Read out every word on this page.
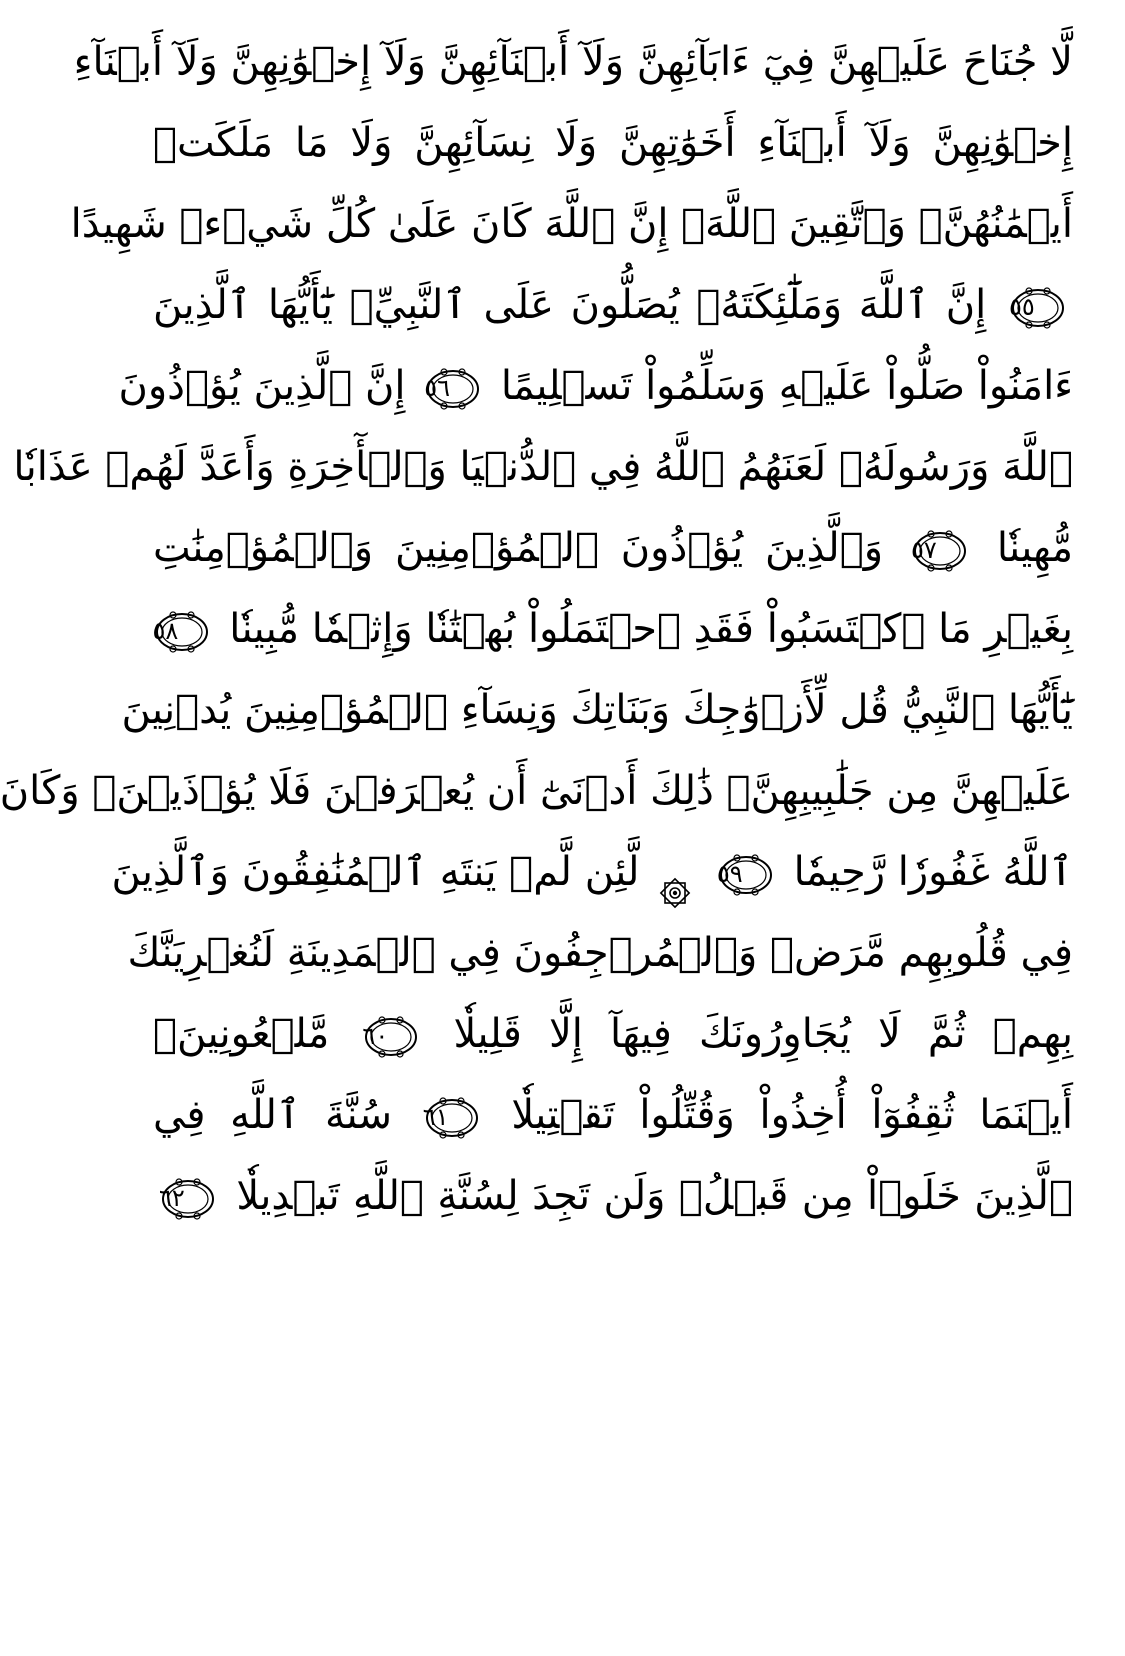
لَّا جُنَاحَ عَلَيۡهِنَّ فِيٓ ءَابَآئِهِنَّ وَلَآ أَبۡنَآئِهِنَّ وَلَآ إِخۡوَٰنِهِنَّ وَلَآ أَبۡنَآءِ
إِخۡوَٰنِهِنَّ وَلَآ أَبۡنَآءِ أَخَوَٰتِهِنَّ وَلَا نِسَآئِهِنَّ وَلَا مَا مَلَكَتۡ
أَيۡمَٰنُهُنَّۗ وَٱتَّقِينَ ٱللَّهَۚ إِنَّ ٱللَّهَ كَانَ عَلَىٰ كُلِّ شَيۡءٖ شَهِيدًا
٥٥ إِنَّ ٱللَّهَ وَمَلَٰٓئِكَتَهُۥ يُصَلُّونَ عَلَى ٱلنَّبِيِّۚ يَٰٓأَيُّهَا ٱلَّذِينَ
ءَامَنُواْ صَلُّواْ عَلَيۡهِ وَسَلِّمُواْ تَسۡلِيمًا
٥٦ إِنَّ ٱلَّذِينَ يُؤۡذُونَ
ٱللَّهَ وَرَسُولَهُۥ لَعَنَهُمُ ٱللَّهُ فِي ٱلدُّنۡيَا وَٱلۡأٓخِرَةِ وَأَعَدَّ لَهُمۡ عَذَابٗا
مُّهِينٗا
٥٧ وَٱلَّذِينَ يُؤۡذُونَ ٱلۡمُؤۡمِنِينَ وَٱلۡمُؤۡمِنَٰتِ
بِغَيۡرِ مَا ٱكۡتَسَبُواْ فَقَدِ ٱحۡتَمَلُواْ بُهۡتَٰنٗا وَإِثۡمٗا مُّبِينٗا
٥٨
يَٰٓأَيُّهَا ٱلنَّبِيُّ قُل لِّأَزۡوَٰجِكَ وَبَنَاتِكَ وَنِسَآءِ ٱلۡمُؤۡمِنِينَ يُدۡنِينَ
عَلَيۡهِنَّ مِن جَلَٰبِيبِهِنَّۚ ذَٰلِكَ أَدۡنَىٰٓ أَن يُعۡرَفۡنَ فَلَا يُؤۡذَيۡنَۗ وَكَانَ
ٱللَّهُ غَفُورٗا رَّحِيمٗا
٥٩  لَّئِن لَّمۡ يَنتَهِ ٱلۡمُنَٰفِقُونَ وَٱلَّذِينَ
فِي قُلُوبِهِم مَّرَضٞ وَٱلۡمُرۡجِفُونَ فِي ٱلۡمَدِينَةِ لَنُغۡرِيَنَّكَ
بِهِمۡ ثُمَّ لَا يُجَاوِرُونَكَ فِيهَآ إِلَّا قَلِيلٗا
٦٠ مَّلۡعُونِينَۖ
أَيۡنَمَا ثُقِفُوٓاْ أُخِذُواْ وَقُتِّلُواْ تَقۡتِيلٗا
٦١ سُنَّةَ ٱللَّهِ فِي
ٱلَّذِينَ خَلَوۡاْ مِن قَبۡلُۖ وَلَن تَجِدَ لِسُنَّةِ ٱللَّهِ تَبۡدِيلٗا
٦٢
